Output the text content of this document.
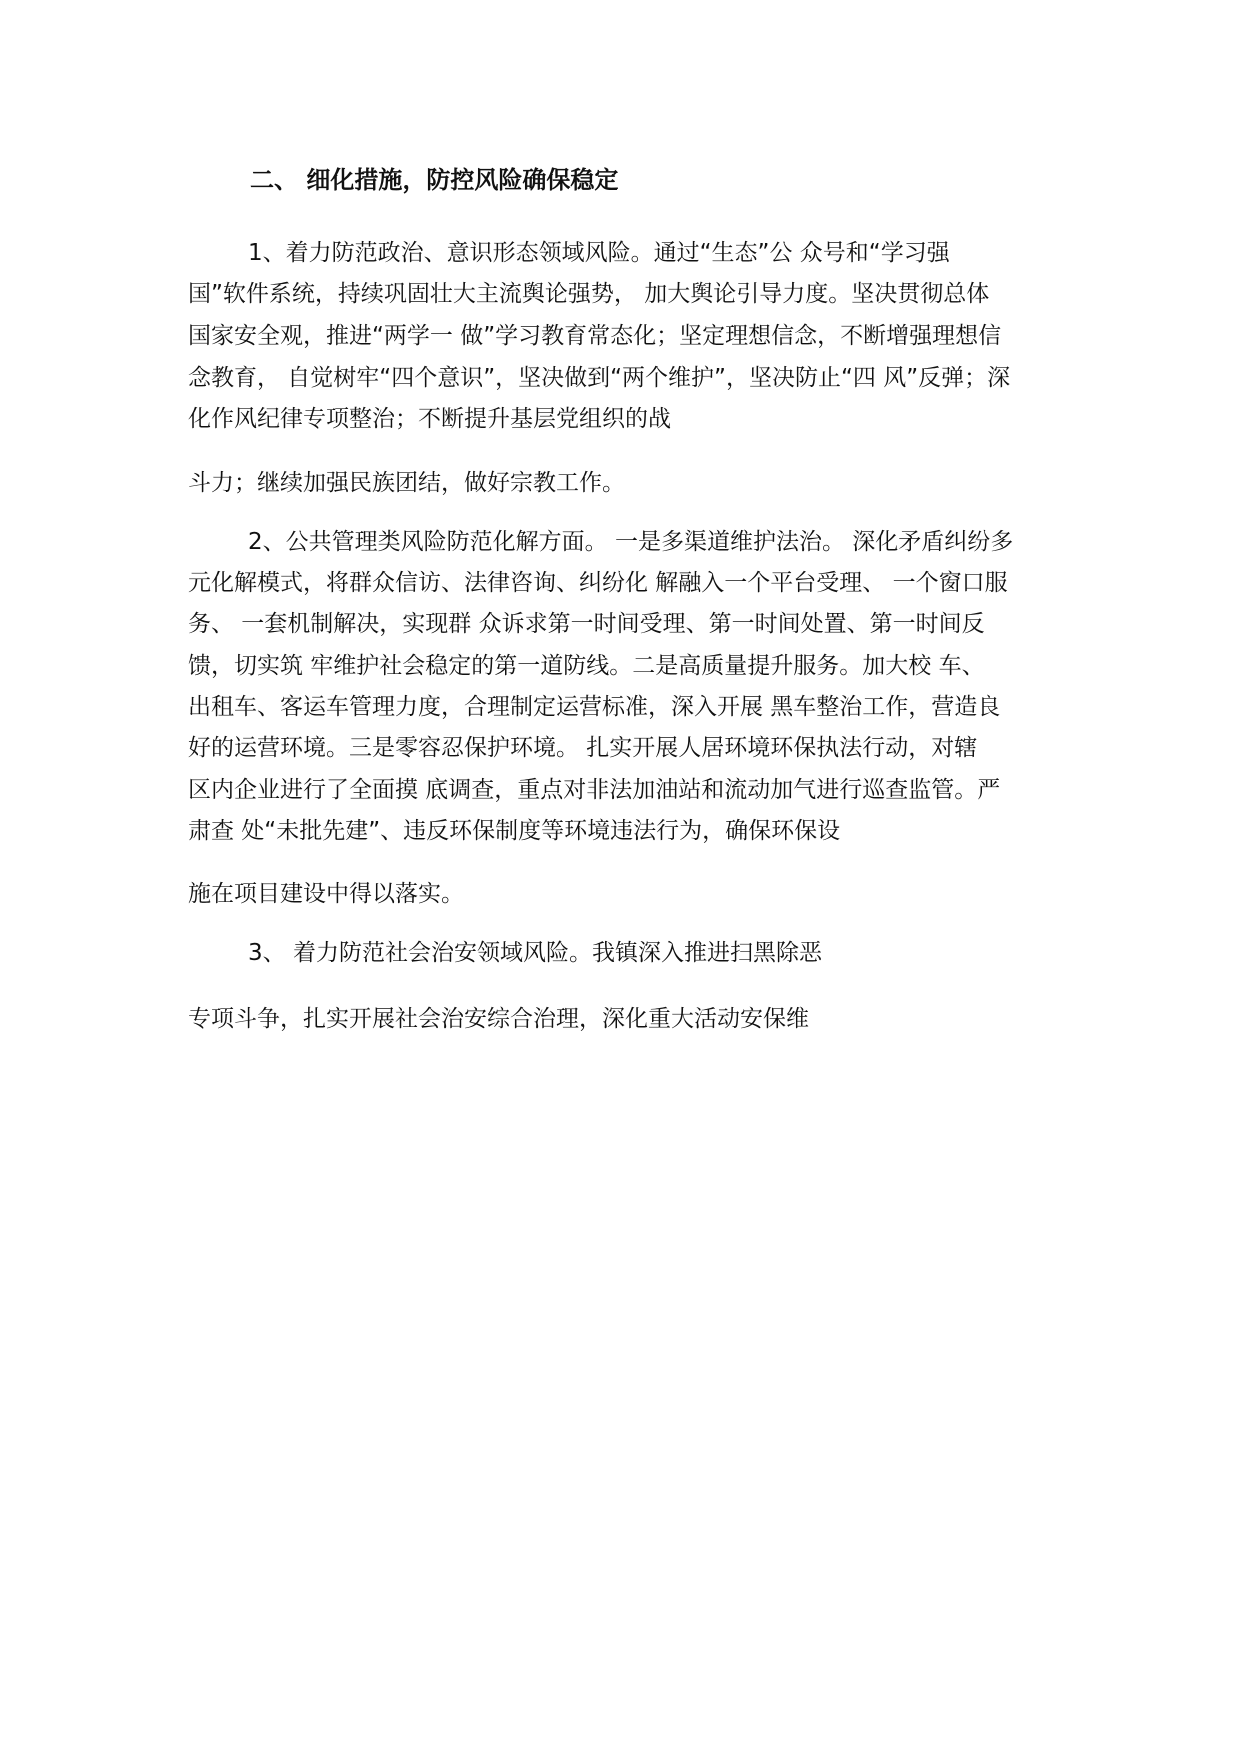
二、 细化措施，防控风险确保稳定
1、着力防范政治、意识形态领域风险。通过“生态”公 众号和“学习强
国”软件系统，持续巩固壮大主流舆论强势， 加大舆论引导力度。坚决贯彻总体
国家安全观，推进“两学一 做”学习教育常态化；坚定理想信念，不断增强理想信
念教育， 自觉树牢“四个意识”，坚决做到“两个维护”，坚决防止“四 风”反弹；深
化作风纪律专项整治；不断提升基层党组织的战
斗力；继续加强民族团结，做好宗教工作。
2、公共管理类风险防范化解方面。 一是多渠道维护法治。 深化矛盾纠纷多
元化解模式，将群众信访、法律咨询、纠纷化 解融入一个平台受理、 一个窗口服
务、 一套机制解决，实现群 众诉求第一时间受理、第一时间处置、第一时间反
馈，切实筑 牢维护社会稳定的第一道防线。二是高质量提升服务。加大校 车、
出租车、客运车管理力度，合理制定运营标准，深入开展 黑车整治工作，营造良
好的运营环境。三是零容忍保护环境。 扎实开展人居环境环保执法行动，对辖
区内企业进行了全面摸 底调查，重点对非法加油站和流动加气进行巡查监管。严
肃查 处“未批先建”、违反环保制度等环境违法行为，确保环保设
施在项目建设中得以落实。
3、 着力防范社会治安领域风险。我镇深入推进扫黑除恶
专项斗争，扎实开展社会治安综合治理，深化重大活动安保维
